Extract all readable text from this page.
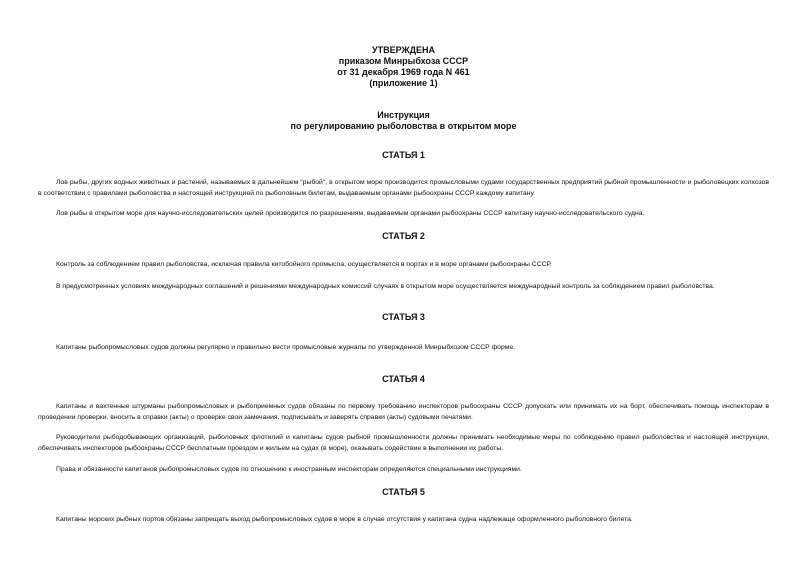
УТВЕРЖДЕНА
приказом Минрыбхоза СССР
от 31 декабря 1969 года N 461
(приложение 1)
Инструкция
по регулированию рыболовства в открытом море
СТАТЬЯ 1

Лов рыбы, других водных животных и растений, называемых в дальнейшем "рыбой", в открытом море производится промысловыми судами государственных предприятий рыбной промышленности и рыболовецких колхозов в соответствии с правилами рыболовства и настоящей инструкцией по рыболовным билетам, выдаваемым органами рыбоохраны СССР каждому капитану.

Лов рыбы в открытом море для научно-исследовательских целей производится по разрешениям, выдаваемым органами рыбоохраны СССР капитану научно-исследовательского судна.

СТАТЬЯ 2

Контроль за соблюдением правил рыболовства, исключая правила китобойного промысла, осуществляется в портах и в море органами рыбоохраны СССР.

В предусмотренных условиях международных соглашений и решениями международных комиссий случаях в открытом море осуществляется международный контроль за соблюдением правил рыболовства.

СТАТЬЯ 3

Капитаны рыбопромысловых судов должны регулярно и правильно вести промысловые журналы по утвержденной Минрыбхозом СССР форме.

СТАТЬЯ 4

Капитаны и вахтенные штурманы рыбопромысловых и рыбоприемных судов обязаны по первому требованию инспекторов рыбоохраны СССР допускать или принимать их на борт, обеспечивать помощь инспекторам в проведении проверки, вносить в справки (акты) о проверке свои замечания, подписывать и заверять справки (акты) судовыми печатями.

Руководители рыбодобывающих организаций, рыболовных флотилий и капитаны судов рыбной промышленности должны принимать необходимые меры по соблюдению правил рыболовства и настоящей инструкции, обеспечивать инспекторов рыбоохраны СССР бесплатным проездом и жильем на судах (в море), оказывать содействие в выполнении их работы.

Права и обязанности капитанов рыбопромысловых судов по отношению к иностранным инспекторам определяются специальными инструкциями.

СТАТЬЯ 5

Капитаны морских рыбных портов обязаны запрещать выход рыбопромысловых судов в море в случае отсутствия у капитана судна надлежаще оформленного рыболовного билета.
